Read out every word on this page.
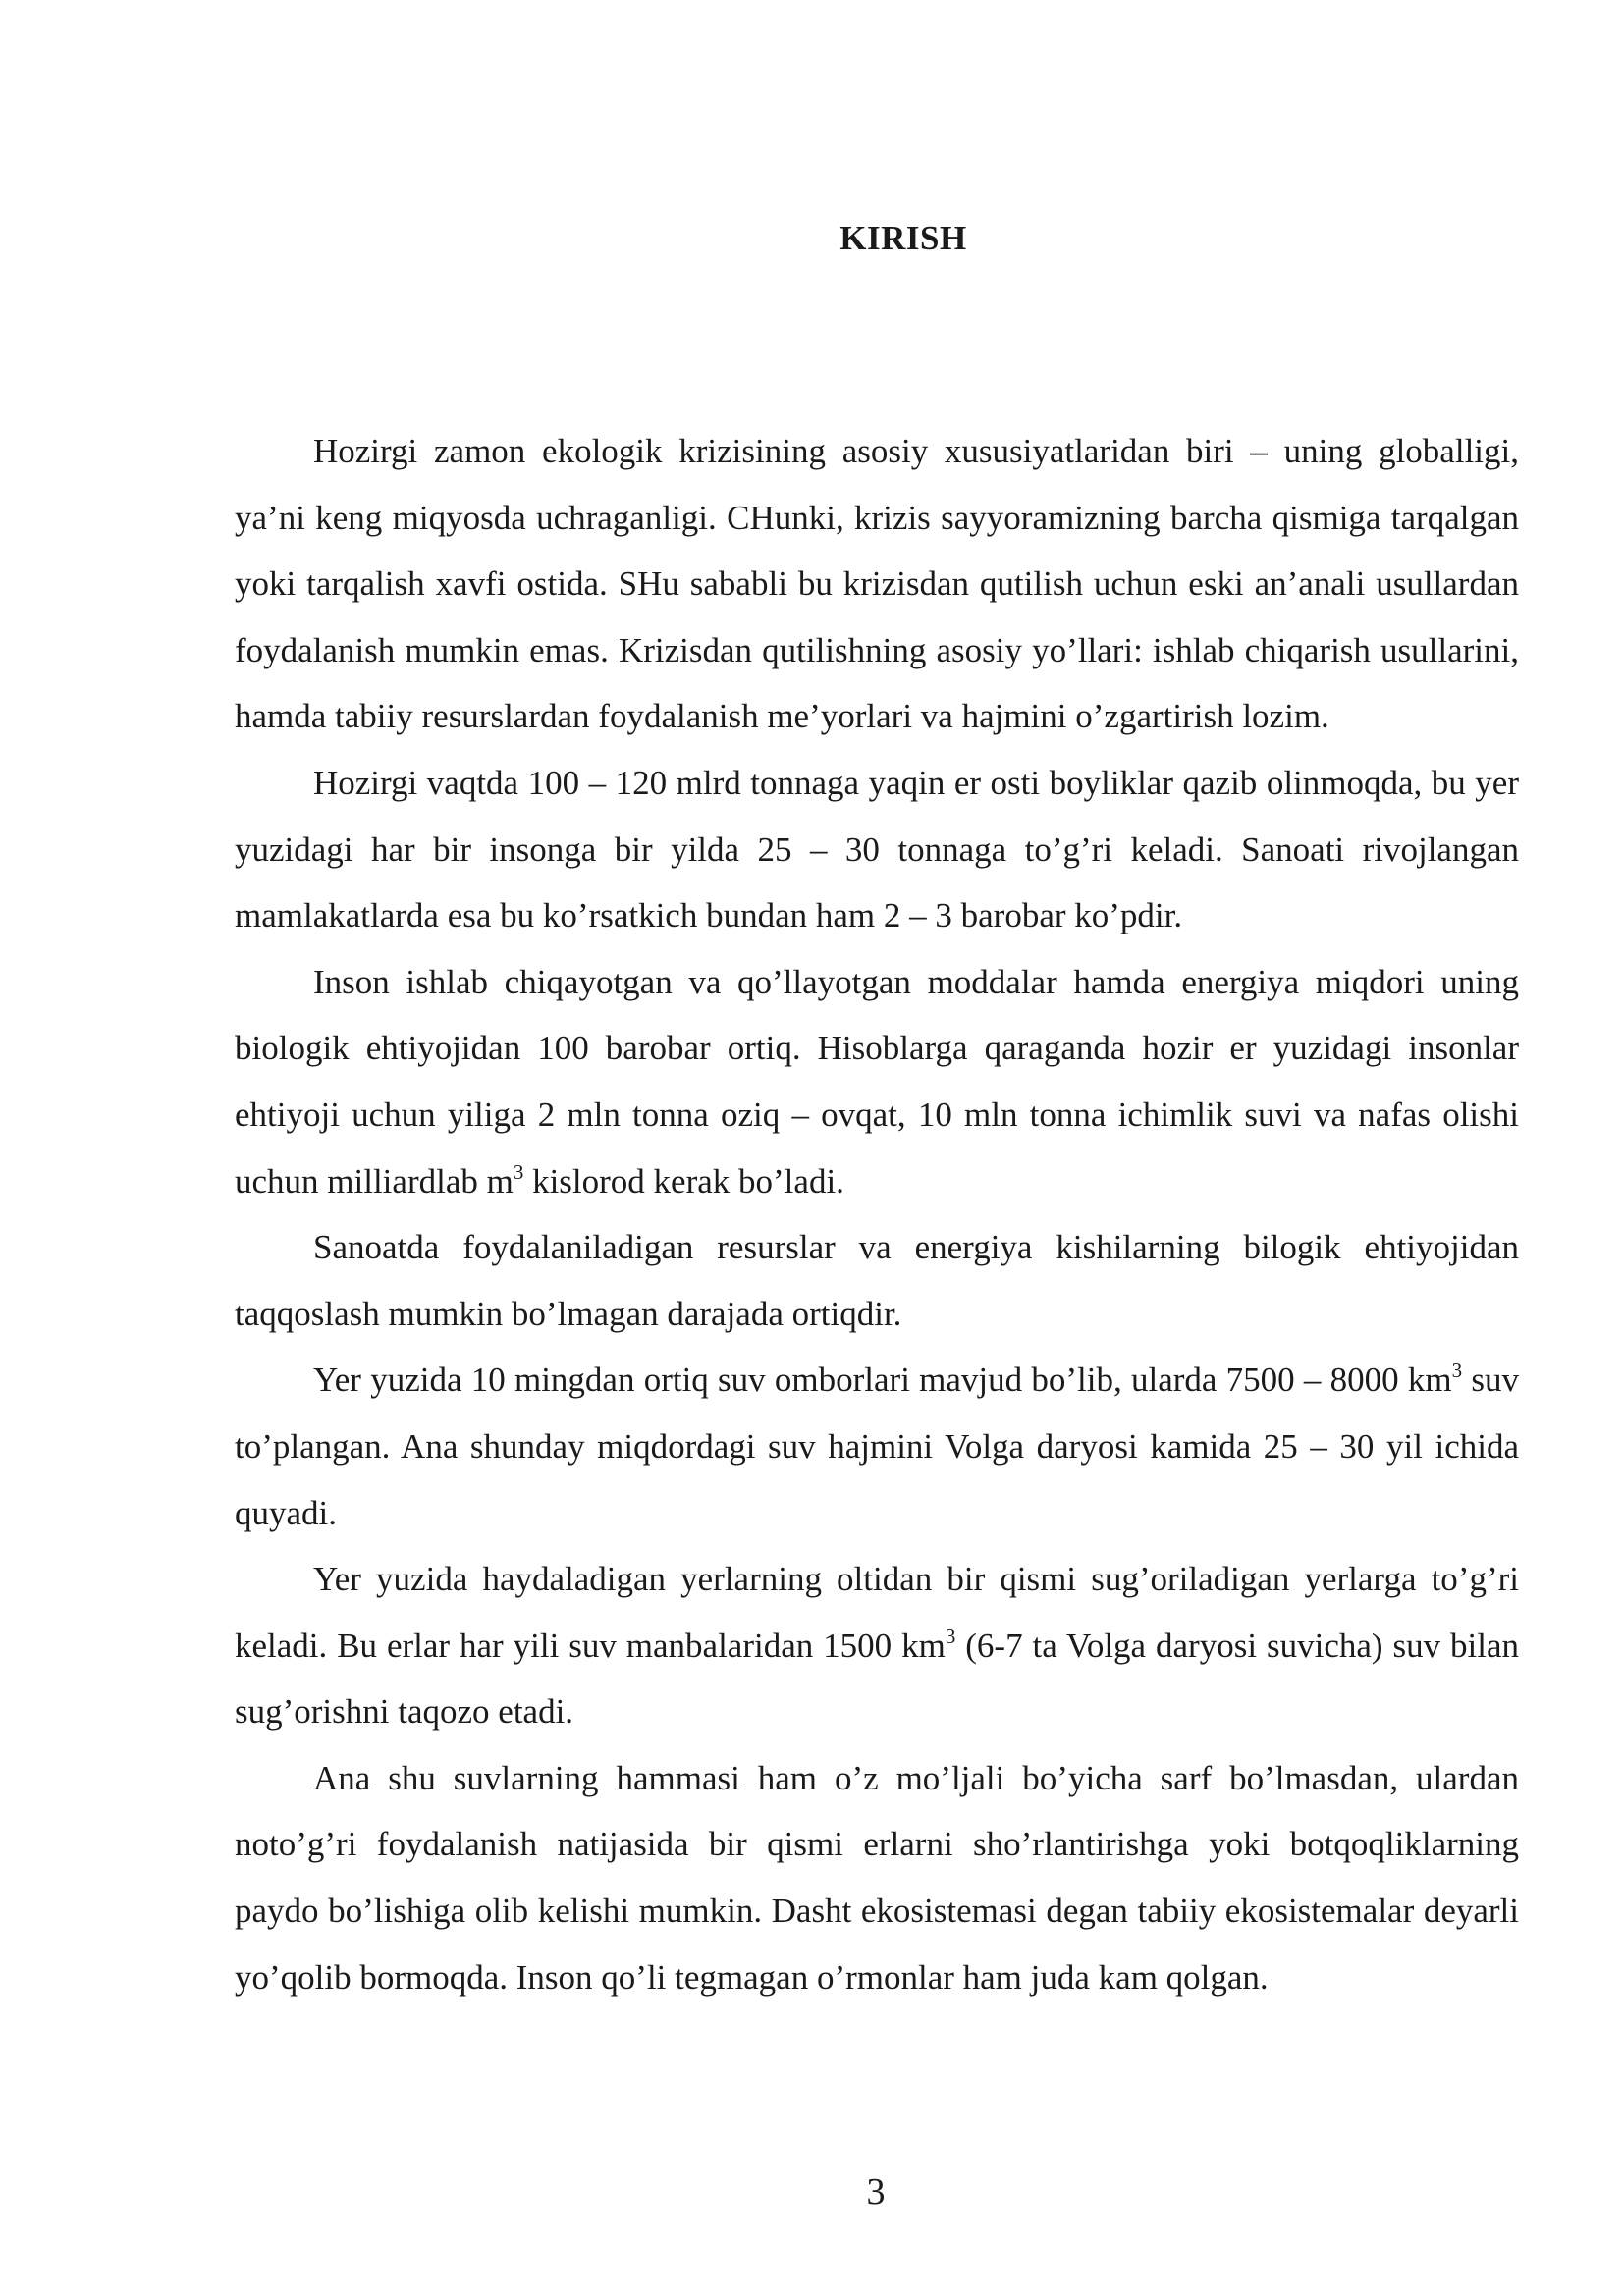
KIRISH

Hozirgi zamon ekologik krizisining asosiy xususiyatlaridan biri – uning globalligi, ya’ni keng miqyosda uchraganligi. CHunki, krizis sayyoramizning barcha qismiga tarqalgan yoki tarqalish xavfi ostida. SHu sababli bu krizisdan qutilish uchun eski an’anali usullardan foydalanish mumkin emas. Krizisdan qutilishning asosiy yo’llari: ishlab chiqarish usullarini, hamda tabiiy resurslardan foydalanish me’yorlari va hajmini o’zgartirish lozim.

Hozirgi vaqtda 100 – 120 mlrd tonnaga yaqin er osti boyliklar qazib olinmoqda, bu yer yuzidagi har bir insonga bir yilda 25 – 30 tonnaga to’g’ri keladi. Sanoati rivojlangan mamlakatlarda esa bu ko’rsatkich bundan ham 2 – 3 barobar ko’pdir.

Inson ishlab chiqayotgan va qo’llayotgan moddalar hamda energiya miqdori uning biologik ehtiyojidan 100 barobar ortiq. Hisoblarga qaraganda hozir er yuzidagi insonlar ehtiyoji uchun yiliga 2 mln tonna oziq – ovqat, 10 mln tonna ichimlik suvi va nafas olishi uchun milliardlab $m^3$ kislorod kerak bo’ladi.

Sanoatda foydalaniladigan resurslar va energiya kishilarning bilogik ehtiyojidan taqqoslash mumkin bo’lmagan darajada ortiqdir.

Yer yuzida 10 mingdan ortiq suv omborlari mavjud bo’lib, ularda 7500 – 8000 $km^3$ suv to’plangan. Ana shunday miqdordagi suv hajmini Volga daryosi kamida 25 – 30 yil ichida quyadi.

Yer yuzida haydaladigan yerlarning oltidan bir qismi sug’oriladigan yerlarga to’g’ri keladi. Bu erlar har yili suv manbalaridan 1500 $km^3$ (6-7 ta Volga daryosi suvicha) suv bilan sug’orishni taqozo etadi.

Ana shu suvlarning hammasi ham o’z mo’ljali bo’yicha sarf bo’lmasdan, ulardan noto’g’ri foydalanish natijasida bir qismi erlarni sho’rlantirishga yoki botqoqliklarning paydo bo’lishiga olib kelishi mumkin. Dasht ekosistemasi degan tabiiy ekosistemalar deyarli yo’qolib bormoqda. Inson qo’li tegmagan o’rmonlar ham juda kam qolgan.

3
